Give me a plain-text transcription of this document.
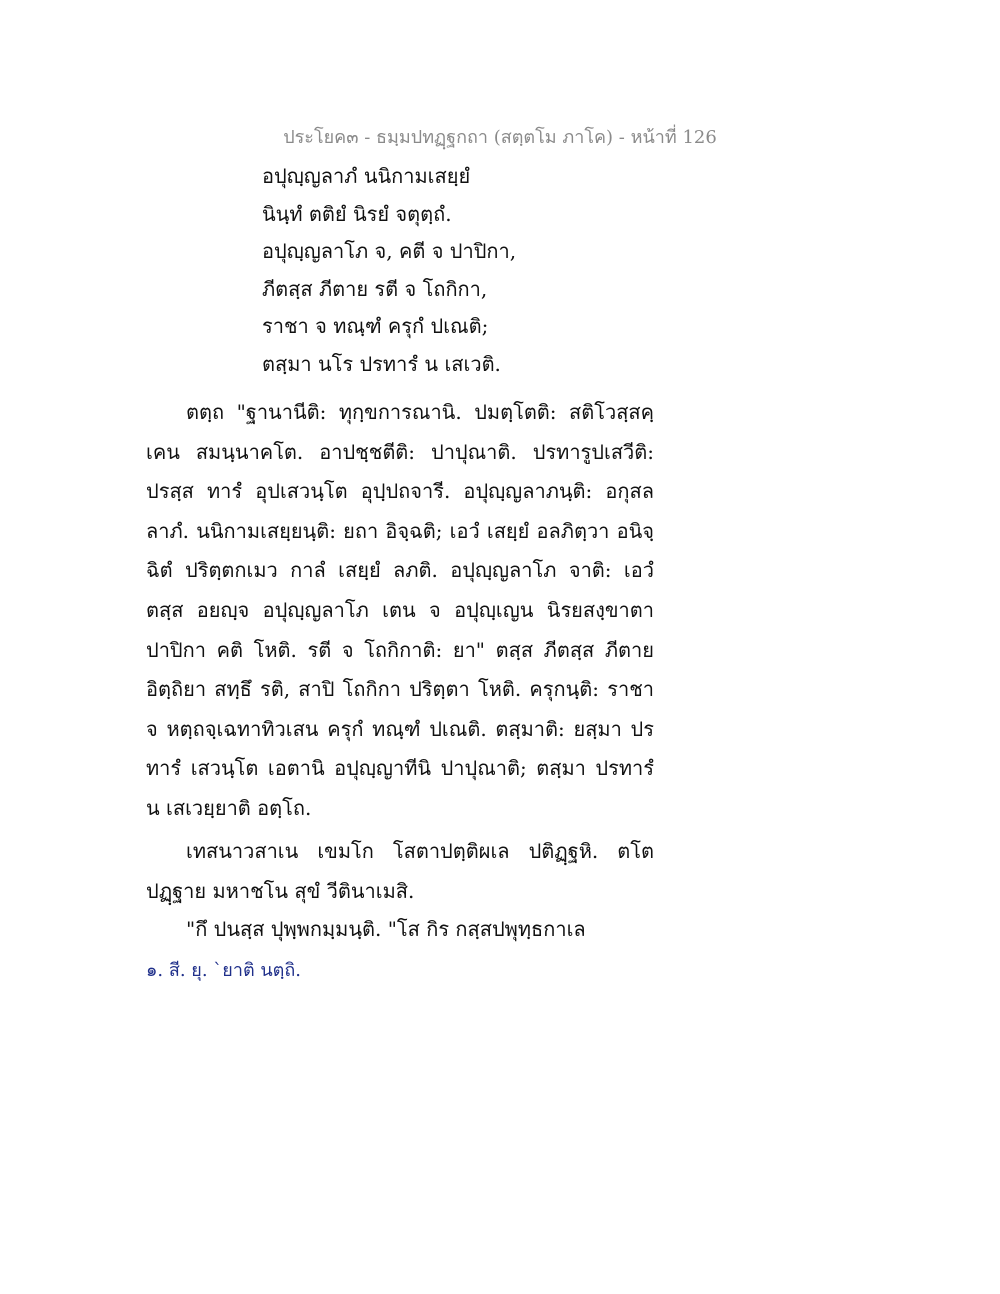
ประโยค๓ - ธมฺมปทฏฺฐกถา (สตฺตโม ภาโค) - หน้าที่ 126
อปุญฺญลาภํ นนิกามเสยฺยํ
นินฺทํ ตติยํ นิรยํ จตุตฺถํ.
อปุญฺญลาโภ จ, คตี จ ปาปิกา,
ภีตสฺส ภีตาย รตี จ โถกิกา,
ราชา จ ทณฺฑํ ครุกํ ปเณติ;
ตสฺมา นโร ปรทารํ น เสเวติ.
ตตฺถ "ฐานานีติ: ทุกฺขการณานิ. ปมตฺโตติ: สติโวสฺสคฺเคน สมนฺนาคโต. อาปชฺชตีติ: ปาปุณาติ. ปรทารูปเสวีติ: ปรสฺส ทารํ อุปเสวนฺโต อุปฺปถจารี. อปุญฺญลาภนฺติ: อกุสลลาภํ. นนิกามเสยฺยนฺติ: ยถา อิจฺฉติ; เอวํ เสยฺยํ อลภิตฺวา อนิจฺฉิตํ ปริตฺตกเมว กาลํ เสยฺยํ ลภติ. อปุญฺญลาโภ จาติ: เอวํ ตสฺส อยญฺจ อปุญฺญลาโภ เตน จ อปุญฺเญน นิรยสงฺขาตา ปาปิกา คติ โหติ. รตี จ โถกิกาติ: ยา" ตสฺส ภีตสฺส ภีตาย อิตฺถิยา สทฺธึ รติ, สาปิ โถกิกา ปริตฺตา โหติ. ครุกนฺติ: ราชา จ หตฺถจฺเฉทาทิวเสน ครุกํ ทณฺฑํ ปเณติ. ตสฺมาติ: ยสฺมา ปรทารํ เสวนฺโต เอตานิ อปุญฺญาทีนิ ปาปุณาติ; ตสฺมา ปรทารํ น เสเวยฺยาติ อตฺโถ.
เทสนาวสาเน เขมโก โสตาปตฺติผเล ปติฏฺฐหิ. ตโต ปฏฺฐาย มหาชโน สุขํ วีตินาเมสิ.
"กึ ปนสฺส ปุพฺพกมฺมนฺติ. "โส กิร กสฺสปพุทฺธกาเล
๑. สี. ยุ. `ยาติ นตฺถิ.
